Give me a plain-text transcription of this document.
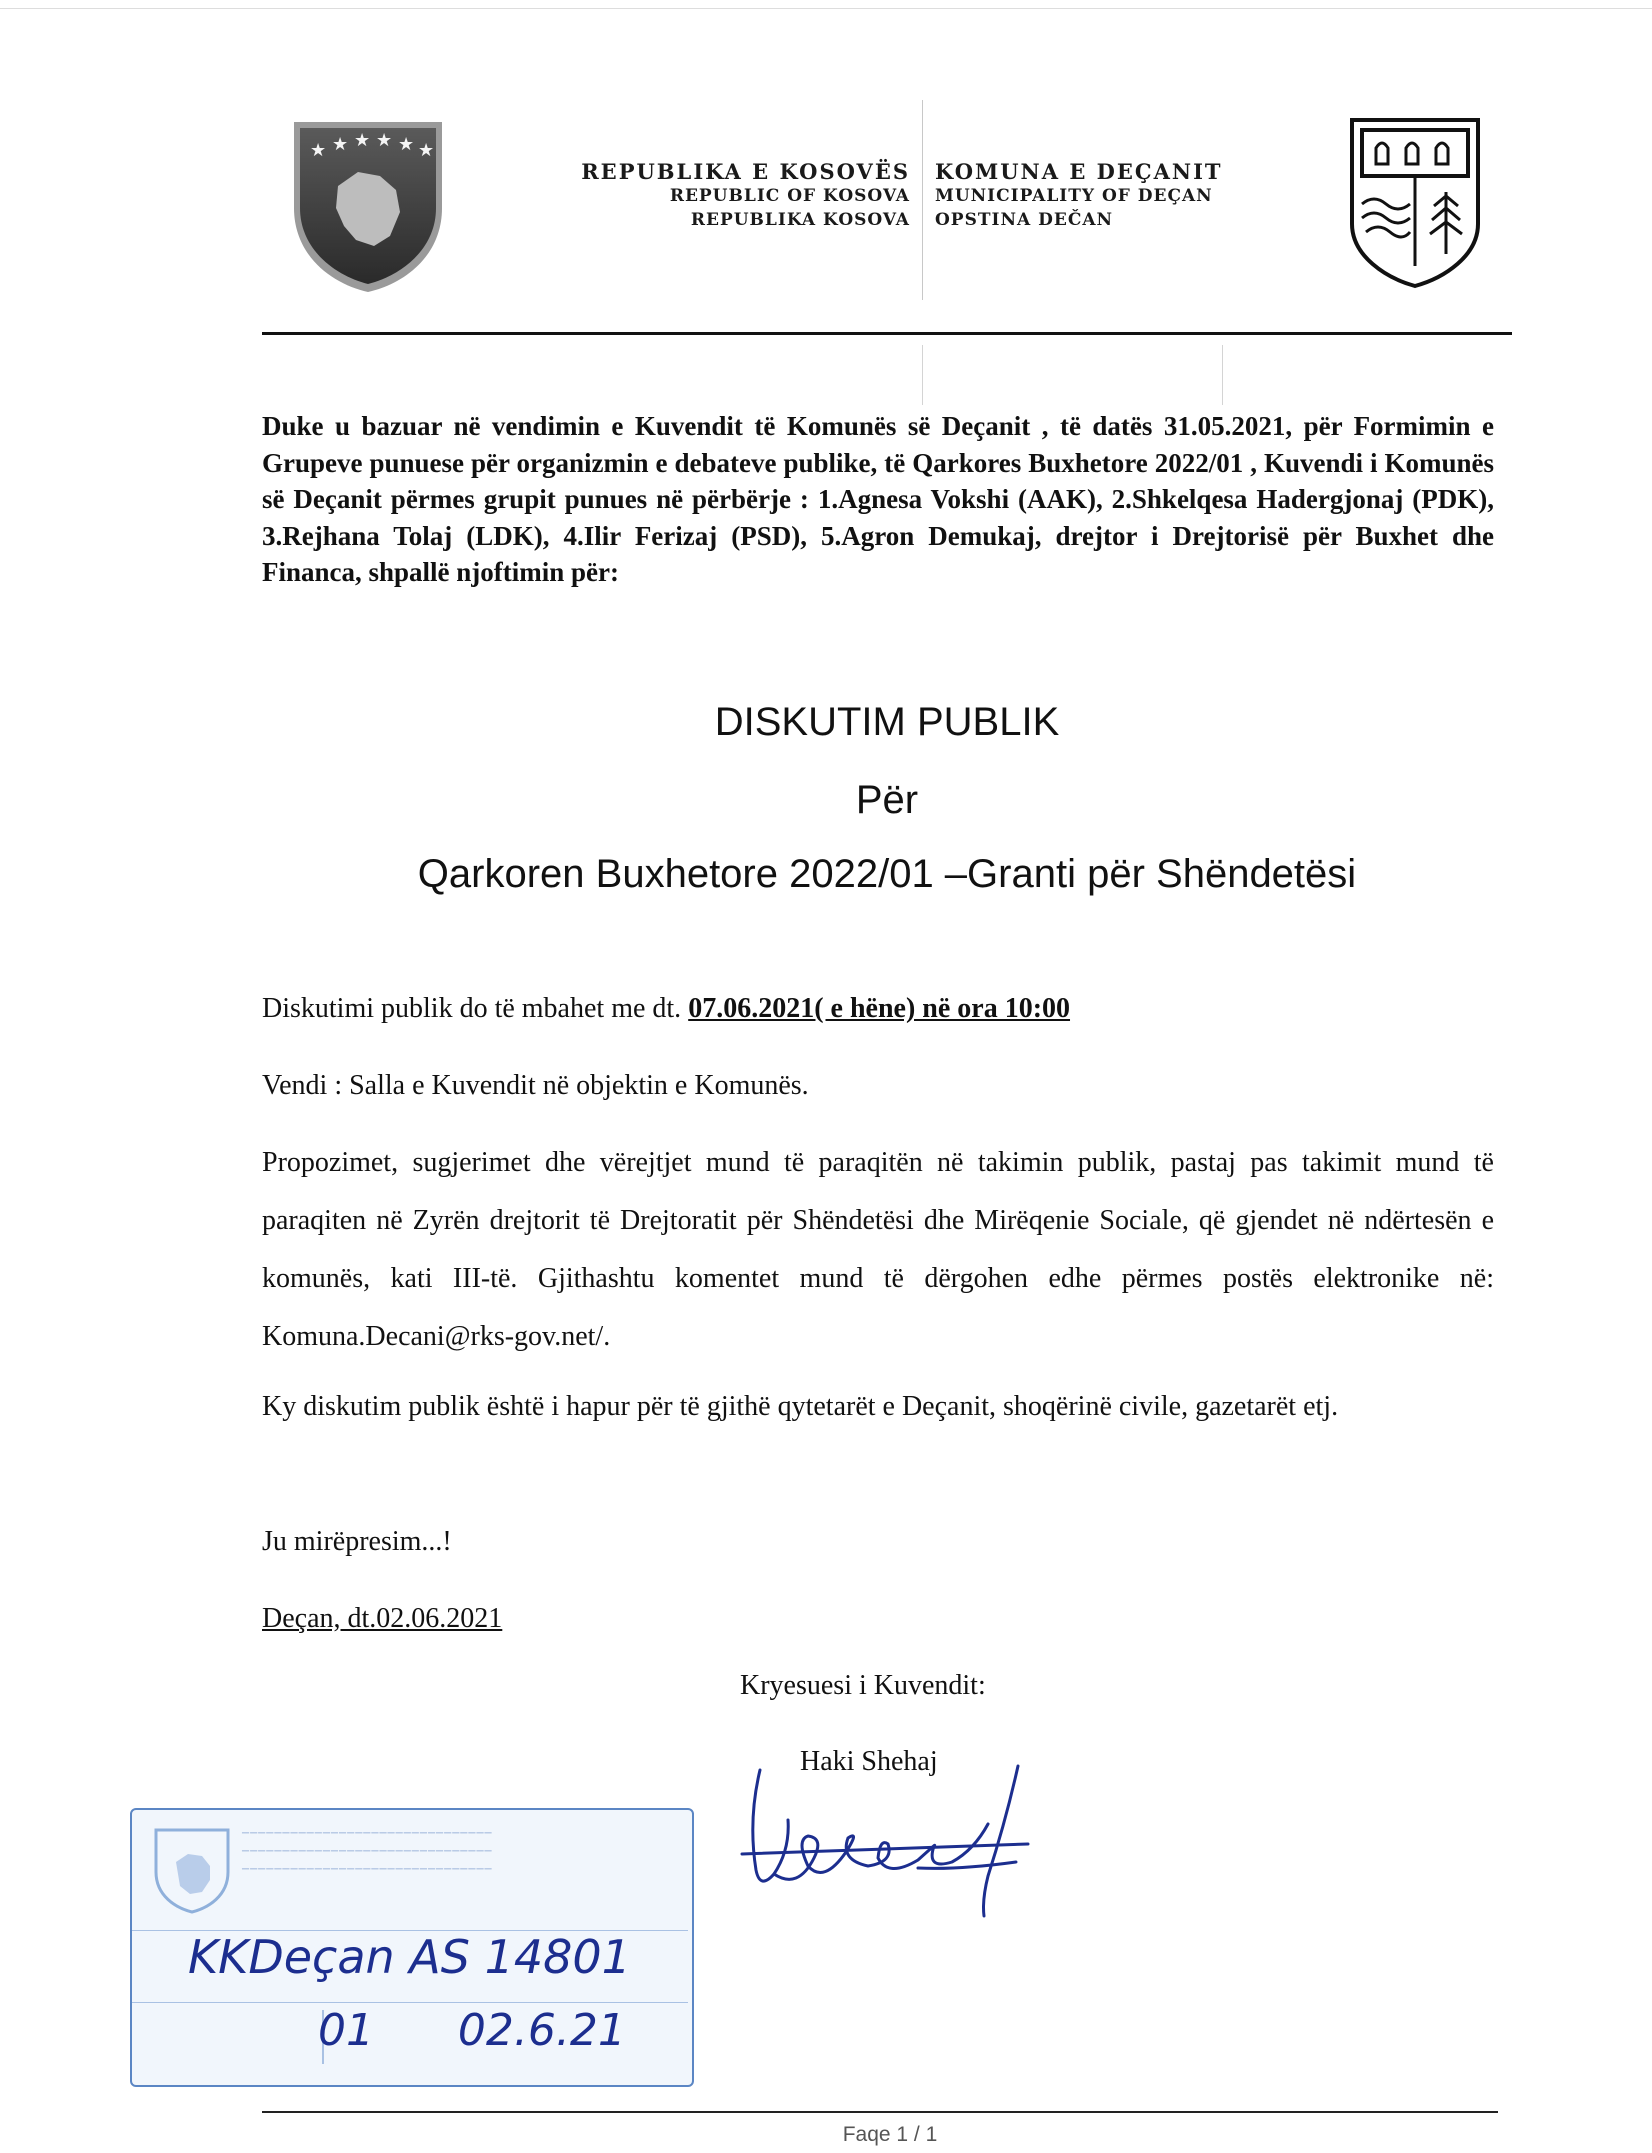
★ ★ ★ ★ ★ ★
REPUBLIKA E KOSOVËS
REPUBLIC OF KOSOVA
REPUBLIKA KOSOVA
KOMUNA E DEÇANIT
MUNICIPALITY OF DEÇAN
OPSTINA DEČAN
Duke u bazuar në vendimin e Kuvendit të Komunës së Deçanit , të datës 31.05.2021, për Formimin e Grupeve punuese për organizmin e debateve publike, të Qarkores Buxhetore 2022/01 , Kuvendi i Komunës së Deçanit përmes grupit punues në përbërje : 1.Agnesa Vokshi (AAK), 2.Shkelqesa Hadergjonaj (PDK), 3.Rejhana Tolaj (LDK), 4.Ilir Ferizaj (PSD), 5.Agron Demukaj, drejtor i Drejtorisë për Buxhet dhe Financa, shpallë njoftimin për:
DISKUTIM PUBLIK
Për
Qarkoren Buxhetore 2022/01 –Granti për Shëndetësi
Diskutimi publik do të mbahet me dt. 07.06.2021( e hëne) në ora 10:00
Vendi : Salla e Kuvendit në objektin e Komunës.
Propozimet, sugjerimet dhe vërejtjet mund të paraqitën në takimin publik, pastaj pas takimit mund të paraqiten në Zyrën drejtorit të Drejtoratit për Shëndetësi dhe Mirëqenie Sociale, që gjendet në ndërtesën e komunës, kati III-të. Gjithashtu komentet mund të dërgohen edhe përmes postës elektronike në: Komuna.Decani@rks-gov.net/.
Ky diskutim publik është i hapur për të gjithë qytetarët e Deçanit, shoqërinë civile, gazetarët etj.
Ju mirëpresim...!
Deçan, dt.02.06.2021
Kryesuesi i Kuvendit:
Haki Shehaj
───────────────────────────────
───────────────────────────────
───────────────────────────────
KKDeçan AS 14801
01      02.6.21
Faqe 1 / 1
